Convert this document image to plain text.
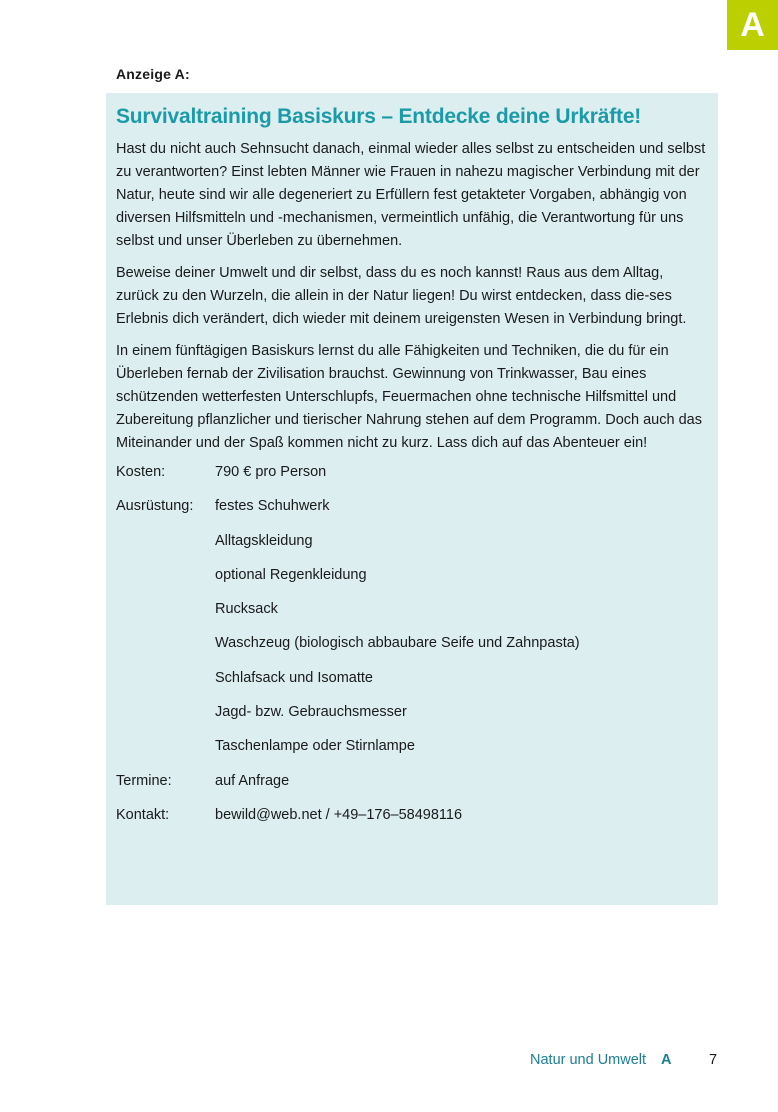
A
Anzeige A:
Survivaltraining Basiskurs – Entdecke deine Urkräfte!

Hast du nicht auch Sehnsucht danach, einmal wieder alles selbst zu entscheiden und selbst zu verantworten? Einst lebten Männer wie Frauen in nahezu magischer Verbindung mit der Natur, heute sind wir alle degeneriert zu Erfüllern fest getakteter Vorgaben, abhängig von diversen Hilfsmitteln und -mechanismen, vermeintlich unfähig, die Verantwortung für uns selbst und unser Überleben zu übernehmen.

Beweise deiner Umwelt und dir selbst, dass du es noch kannst! Raus aus dem Alltag, zurück zu den Wurzeln, die allein in der Natur liegen! Du wirst entdecken, dass die-ses Erlebnis dich verändert, dich wieder mit deinem ureigensten Wesen in Verbindung bringt.

In einem fünftägigen Basiskurs lernst du alle Fähigkeiten und Techniken, die du für ein Überleben fernab der Zivilisation brauchst. Gewinnung von Trinkwasser, Bau eines schützenden wetterfesten Unterschlupfs, Feuermachen ohne technische Hilfsmittel und Zubereitung pflanzlicher und tierischer Nahrung stehen auf dem Programm. Doch auch das Miteinander und der Spaß kommen nicht zu kurz. Lass dich auf das Abenteuer ein!

Kosten:	790 € pro Person
Ausrüstung:	festes Schuhwerk
Alltagskleidung
optional Regenkleidung
Rucksack
Waschzeug (biologisch abbaubare Seife und Zahnpasta)
Schlafsack und Isomatte
Jagd- bzw. Gebrauchsmesser
Taschenlampe oder Stirnlampe
Termine:	auf Anfrage
Kontakt:	bewild@web.net / +49–176–58498116
Natur und Umwelt A	7
